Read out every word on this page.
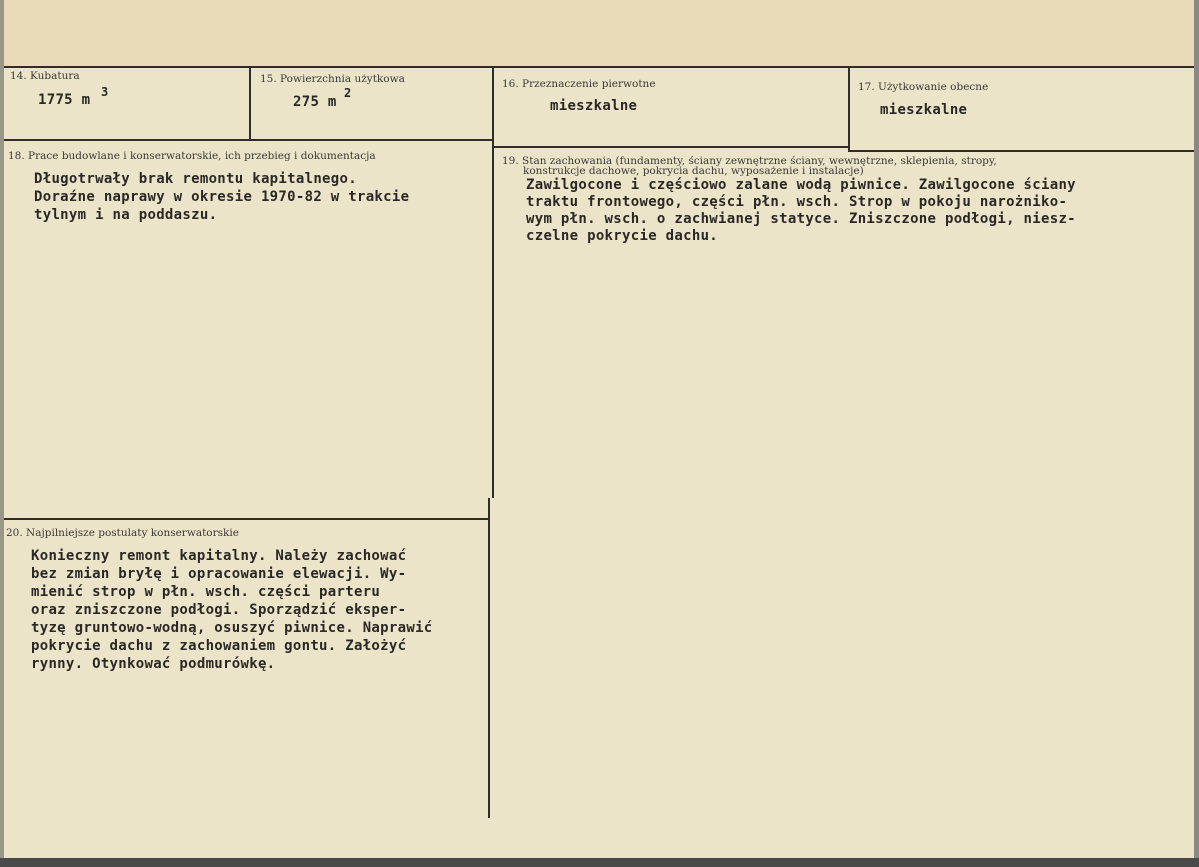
14. Kubatura
1775 m 3
15. Powierzchnia użytkowa
275 m
2
16. Przeznaczenie pierwotne
mieszkalne
17. Użytkowanie obecne
mieszkalne
18. Prace budowlane i konserwatorskie, ich przebieg i dokumentacja
Długotrwały brak remontu kapitalnego.
Doraźne naprawy w okresie 1970-82 w trakcie
tylnym i na poddaszu.
19. Stan zachowania (fundamenty, ściany zewnętrzne ściany, wewnętrzne, sklepienia, stropy,
konstrukcje dachowe, pokrycia dachu, wyposażenie i instalacje)
Zawilgocone i częściowo zalane wodą piwnice. Zawilgocone ściany
traktu frontowego, części płn. wsch. Strop w pokoju narożniko-
wym płn. wsch. o zachwianej statyce. Zniszczone podłogi, niesz-
czelne pokrycie dachu.
20. Najpilniejsze postulaty konserwatorskie
Konieczny remont kapitalny. Należy zachować
bez zmian bryłę i opracowanie elewacji. Wy-
mienić strop w płn. wsch. części parteru
oraz zniszczone podłogi. Sporządzić eksper-
tyzę gruntowo-wodną, osuszyć piwnice. Naprawić
pokrycie dachu z zachowaniem gontu. Założyć
rynny. Otynkować podmurówkę.
